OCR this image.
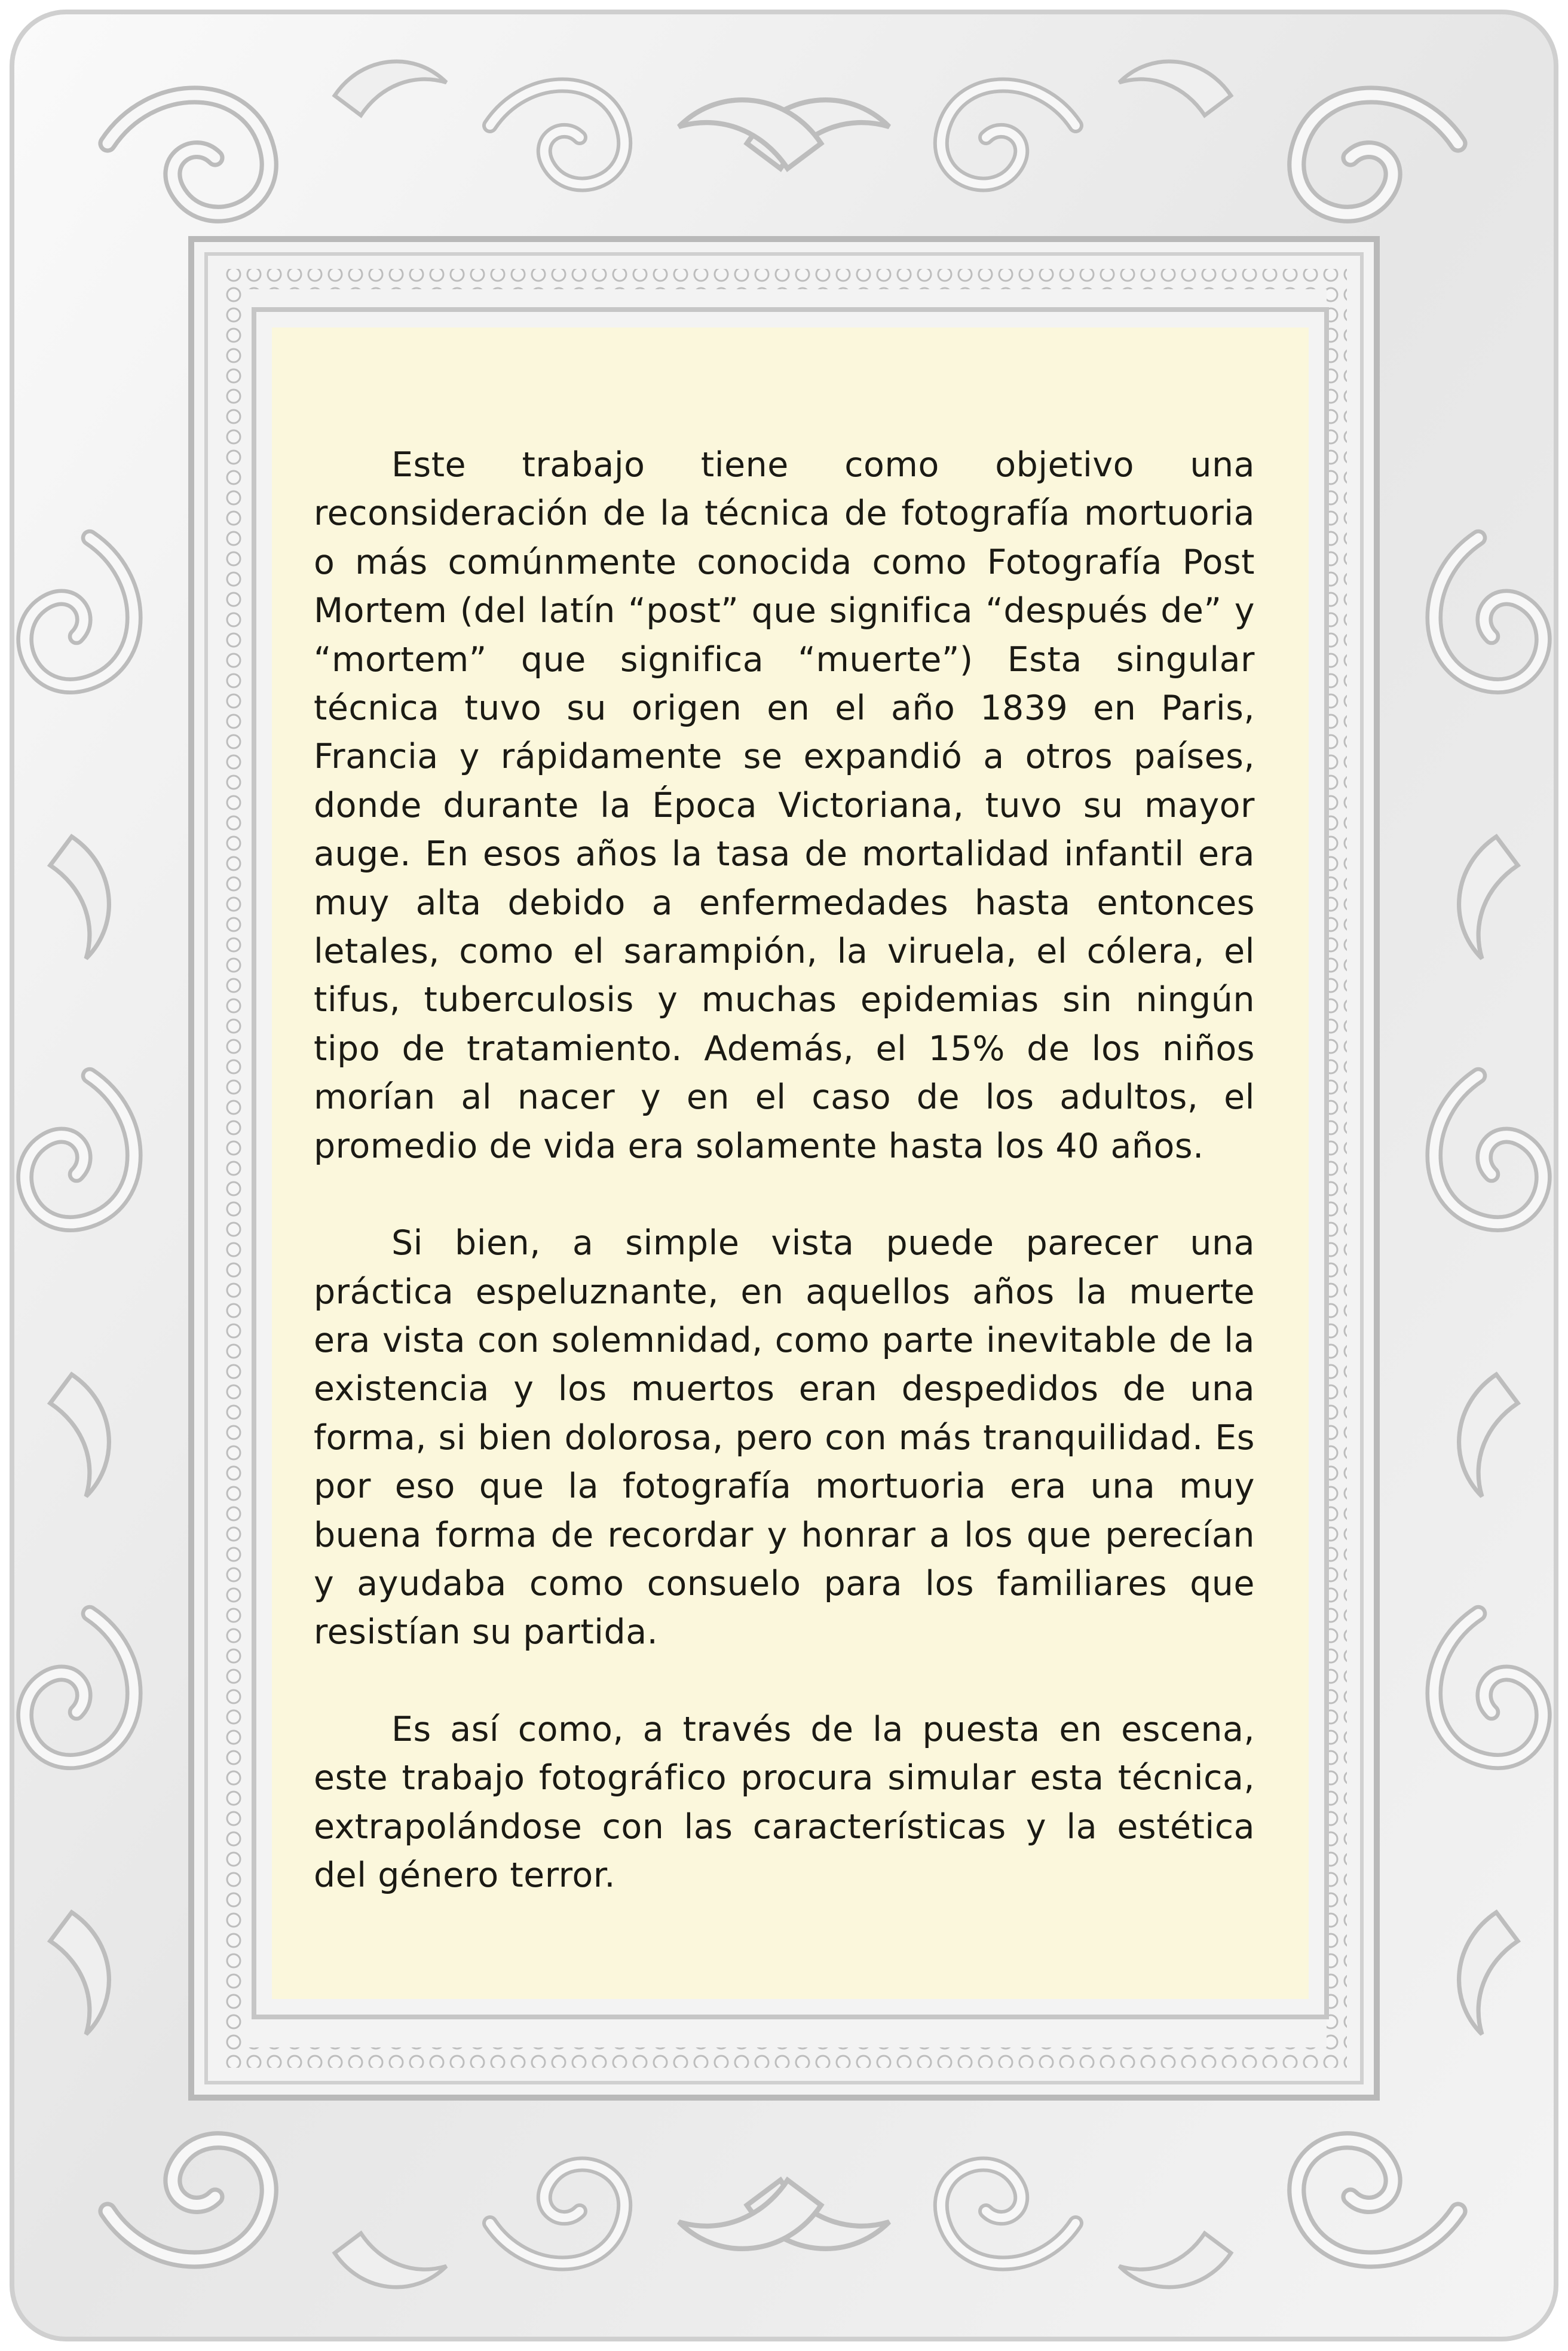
Este trabajo tiene como objetivo una reconsideración de la técnica de fotografía mortuoria o más comúnmente conocida como Fotografía Post Mortem (del latín “post” que significa “después de” y “mortem” que significa “muerte”) Esta singular técnica tuvo su origen en el año 1839 en Paris, Francia y rápidamente se expandió a otros países, donde durante la Época Victoriana, tuvo su mayor auge. En esos años la tasa de mortalidad infantil era muy alta debido a enfermedades hasta entonces letales, como el sarampión, la viruela, el cólera, el tifus, tuberculosis y muchas epidemias sin ningún tipo de tratamiento. Además, el 15% de los niños morían al nacer y en el caso de los adultos, el promedio de vida era solamente hasta los 40 años.

Si bien, a simple vista puede parecer una práctica espeluznante, en aquellos años la muerte era vista con solemnidad, como parte inevitable de la existencia y los muertos eran despedidos de una forma, si bien dolorosa, pero con más tranquilidad. Es por eso que la fotografía mortuoria era una muy buena forma de recordar y honrar a los que perecían y ayudaba como consuelo para los familiares que resistían su partida.

Es así como, a través de la puesta en escena, este trabajo fotográfico procura simular esta técnica, extrapolándose con las características y la estética del género terror.
